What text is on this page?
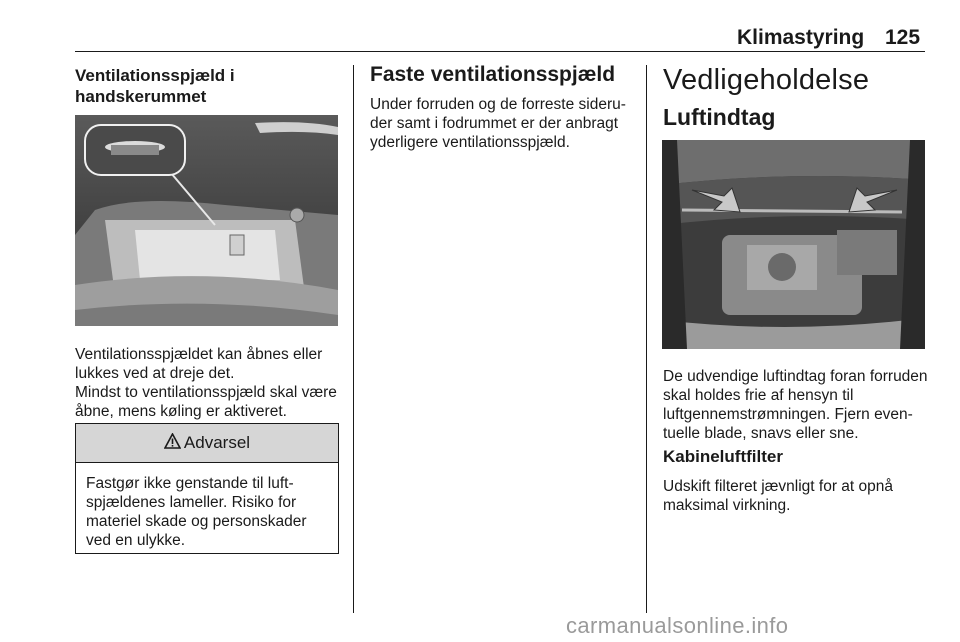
Klimastyring 125
Ventilationsspjæld i handskerummet
Ventilationsspjældet kan åbnes eller lukkes ved at dreje det.
Mindst to ventilationsspjæld skal være åbne, mens køling er aktiveret.
Advarsel
Fastgør ikke genstande til luft-spjældenes lameller. Risiko for materiel skade og personskader ved en ulykke.
Faste ventilationsspjæld
Under forruden og de forreste sideru-der samt i fodrummet er der anbragt yderligere ventilationsspjæld.
Vedligeholdelse
Luftindtag
De udvendige luftindtag foran forruden skal holdes frie af hensyn til luftgennemstrømningen. Fjern even-tuelle blade, snavs eller sne.
Kabineluftfilter
Udskift filteret jævnligt for at opnå maksimal virkning.
carmanualsonline.info
